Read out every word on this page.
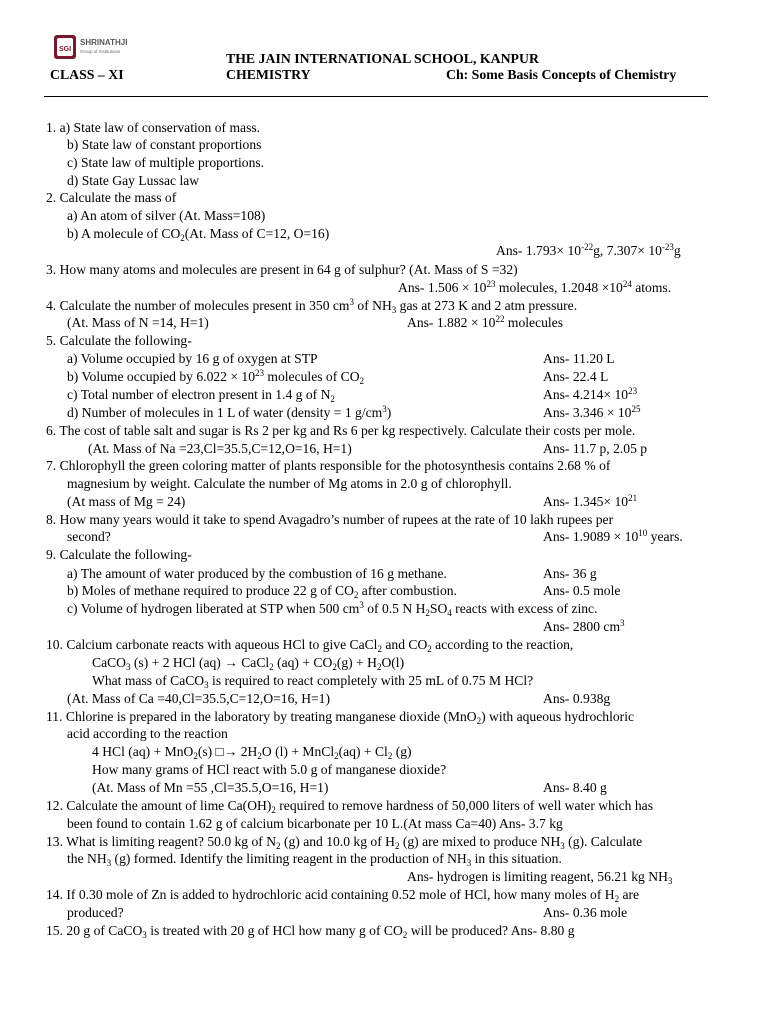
SGI
SHRINATHJI
Group of Institutions	THE JAIN INTERNATIONAL SCHOOL, KANPUR
CLASS – XI	CHEMISTRY	Ch: Some Basis Concepts of Chemistry
1. a) State law of conservation of mass.
b) State law of constant proportions
c) State law of multiple proportions.
d) State Gay Lussac law
2. Calculate the mass of
a) An atom of silver (At. Mass=108)
b) A molecule of $CO_2(At$. Mass of C=12, O=16)
Ans- $1.793\times 10^{-22}g$, $7.307\times 10^{-23}g$
3. How many atoms and molecules are present in 64 g of sulphur? (At. Mass of S =32)
Ans- $1.506 \times 10^{23}$ molecules, $1.2048 \times 10^{24}$ atoms.
4. Calculate the number of molecules present in 350 $cm^3$ of $NH_3$ gas at 273 K and 2 atm pressure.
(At. Mass of N =14, H=1)	Ans- $1.882 \times 10^{22}$ molecules
5. Calculate the following-
a) Volume occupied by 16 g of oxygen at STP	Ans- 11.20 L
b) Volume occupied by $6.022 \times 10^{23}$ molecules of $CO_2$	Ans- 22.4 L
c) Total number of electron present in 1.4 g of $N_2$	Ans- $4.214\times 10^{23}$
d) Number of molecules in 1 L of water (density = 1 $g/cm^3$)	Ans- $3.346 \times 10^{25}$
6. The cost of table salt and sugar is Rs 2 per kg and Rs 6 per kg respectively. Calculate their costs per mole.
(At. Mass of Na =23,Cl=35.5,C=12,O=16, H=1)	Ans- 11.7 p, 2.05 p
7. Chlorophyll the green coloring matter of plants responsible for the photosynthesis contains 2.68 % of
magnesium by weight. Calculate the number of Mg atoms in 2.0 g of chlorophyll.
(At mass of Mg = 24)	Ans- $1.345\times 10^{21}$
8. How many years would it take to spend Avagadro’s number of rupees at the rate of 10 lakh rupees per
second?	Ans- $1.9089 \times 10^{10}$ years.
9. Calculate the following-
a) The amount of water produced by the combustion of 16 g methane.	Ans- 36 g
b) Moles of methane required to produce 22 g of $CO_2$ after combustion.	Ans- 0.5 mole
c) Volume of hydrogen liberated at STP when 500 $cm^3$ of 0.5 N $H_2SO_4$ reacts with excess of zinc.
Ans- 2800 $cm^3$
10. Calcium carbonate reacts with aqueous HCl to give CaCl$_2$ and $CO_2$ according to the reaction,
CaCO$_3$ (s) + 2 HCl (aq) → CaCl$_2$ $(aq) + CO_2(g) + H_2O(l)$
What mass of CaCO$_3$ is required to react completely with 25 mL of 0.75 M HCl?
(At. Mass of Ca =40,Cl=35.5,C=12,O=16, H=1)	Ans- 0.938g
11. Chlorine is prepared in the laboratory by treating manganese dioxide (MnO$_2$) with aqueous hydrochloric
acid according to the reaction
4 HCl (aq) + MnO$_2$(s) □→ $2H_2O$ (l) + MnCl$_2$(aq) + $Cl_2$ (g)
How many grams of HCl react with 5.0 g of manganese dioxide?
(At. Mass of Mn =55 ,Cl=35.5,O=16, H=1)	Ans- 8.40 g
12. Calculate the amount of lime $Ca(OH)_2$ required to remove hardness of 50,000 liters of well water which has
been found to contain 1.62 g of calcium bicarbonate per 10 L.(At mass Ca=40) Ans- 3.7 kg
13. What is limiting reagent? 50.0 kg of $N_2$ (g) and 10.0 kg of $H_2$ (g) are mixed to produce $NH_3$ (g). Calculate
the $NH_3$ (g) formed. Identify the limiting reagent in the production of $NH_3$ in this situation.
Ans- hydrogen is limiting reagent, 56.21 kg $NH_3$
14. If 0.30 mole of Zn is added to hydrochloric acid containing 0.52 mole of HCl, how many moles of $H_2$ are
produced?	Ans- 0.36 mole
15. 20 g of CaCO$_3$ is treated with 20 g of HCl how many g of $CO_2$ will be produced? Ans- 8.80 g
